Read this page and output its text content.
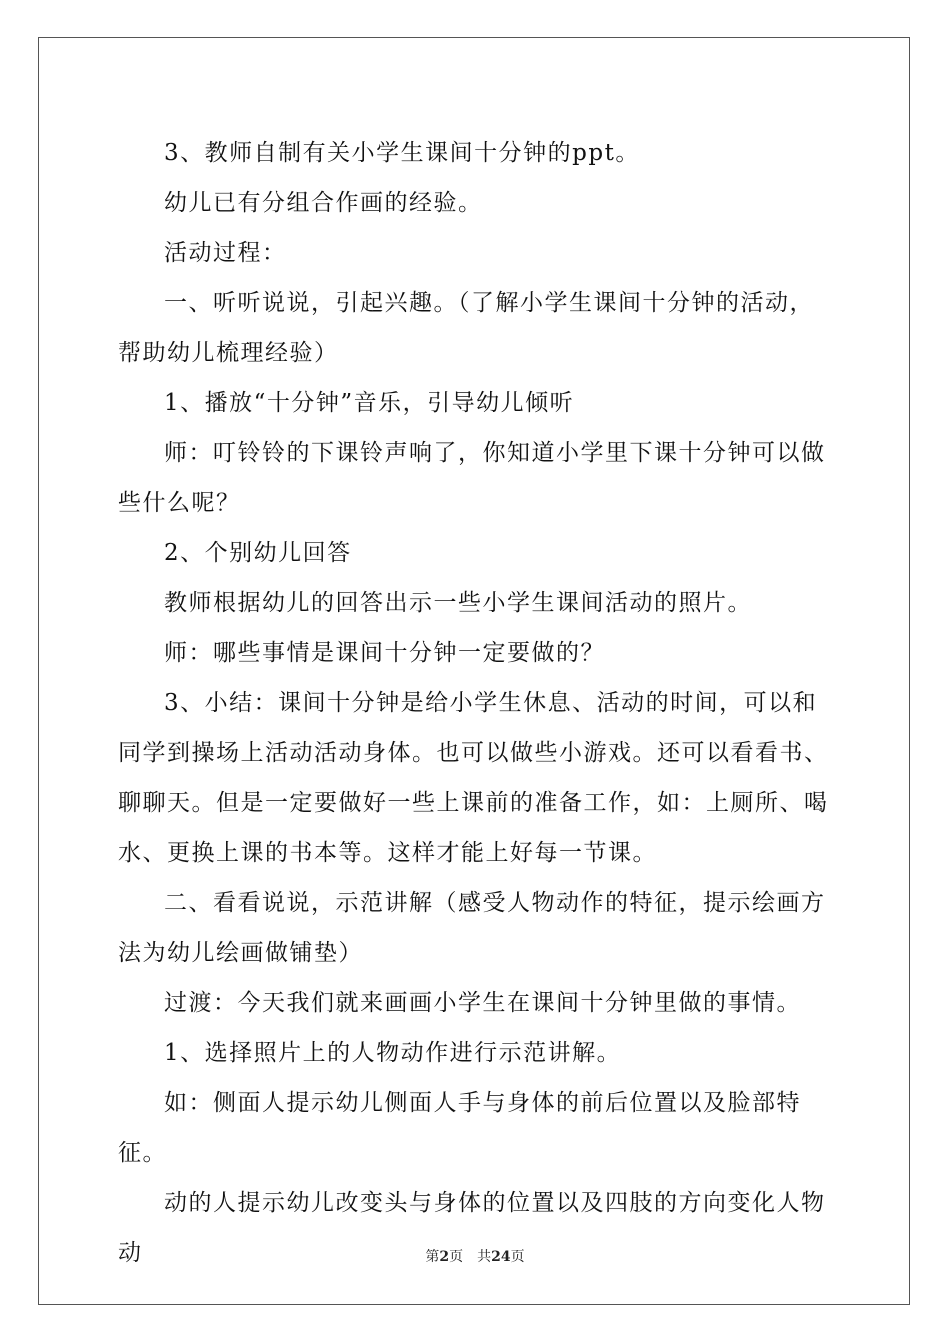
3、教师自制有关小学生课间十分钟的ppt。

幼儿已有分组合作画的经验。

活动过程：

一、听听说说，引起兴趣。（了解小学生课间十分钟的活动，帮助幼儿梳理经验）

1、播放“十分钟”音乐，引导幼儿倾听

师：叮铃铃的下课铃声响了，你知道小学里下课十分钟可以做些什么呢？

2、个别幼儿回答

教师根据幼儿的回答出示一些小学生课间活动的照片。

师：哪些事情是课间十分钟一定要做的？

3、小结：课间十分钟是给小学生休息、活动的时间，可以和同学到操场上活动活动身体。也可以做些小游戏。还可以看看书、聊聊天。但是一定要做好一些上课前的准备工作，如：上厕所、喝水、更换上课的书本等。这样才能上好每一节课。

二、看看说说，示范讲解（感受人物动作的特征，提示绘画方法为幼儿绘画做铺垫）

过渡：今天我们就来画画小学生在课间十分钟里做的事情。

1、选择照片上的人物动作进行示范讲解。

如：侧面人提示幼儿侧面人手与身体的前后位置以及脸部特征。

动的人提示幼儿改变头与身体的位置以及四肢的方向变化人物动	第2页 共24页
